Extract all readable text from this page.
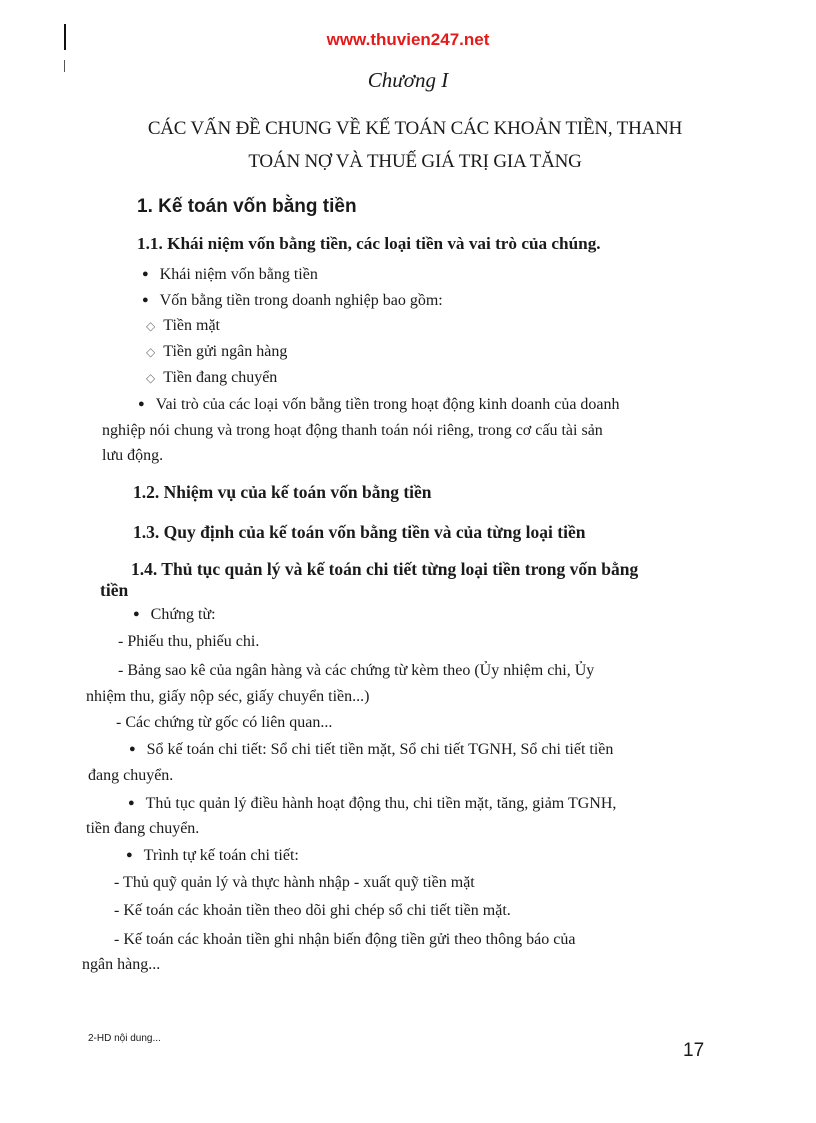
www.thuvien247.net
Chương I
CÁC VẤN ĐỀ CHUNG VỀ KẾ TOÁN CÁC KHOẢN TIỀN, THANH
TOÁN NỢ VÀ THUẾ GIÁ TRỊ GIA TĂNG
1. Kế toán vốn bằng tiền
1.1. Khái niệm vốn bằng tiền, các loại tiền và vai trò của chúng.
● Khái niệm vốn bằng tiền
● Vốn bằng tiền trong doanh nghiệp bao gồm:
◇ Tiền mặt
◇ Tiền gửi ngân hàng
◇ Tiền đang chuyển
● Vai trò của các loại vốn bằng tiền trong hoạt động kinh doanh của doanh
nghiệp nói chung và trong hoạt động thanh toán nói riêng, trong cơ cấu tài sản
lưu động.
1.2. Nhiệm vụ của kế toán vốn bằng tiền
1.3. Quy định của kế toán vốn bằng tiền và của từng loại tiền
1.4. Thủ tục quản lý và kế toán chi tiết từng loại tiền trong vốn bằng
tiền
● Chứng từ:
- Phiếu thu, phiếu chi.
- Bảng sao kê của ngân hàng và các chứng từ kèm theo (Ủy nhiệm chi, Ủy
nhiệm thu, giấy nộp séc, giấy chuyển tiền...)
- Các chứng từ gốc có liên quan...
● Sổ kế toán chi tiết: Sổ chi tiết tiền mặt, Sổ chi tiết TGNH, Sổ chi tiết tiền
đang chuyển.
● Thủ tục quản lý điều hành hoạt động thu, chi tiền mặt, tăng, giảm TGNH,
tiền đang chuyển.
● Trình tự kế toán chi tiết:
- Thủ quỹ quản lý và thực hành nhập - xuất quỹ tiền mặt
- Kế toán các khoản tiền theo dõi ghi chép sổ chi tiết tiền mặt.
- Kế toán các khoản tiền ghi nhận biến động tiền gửi theo thông báo của
ngân hàng...
2-HD nội dung...
17
